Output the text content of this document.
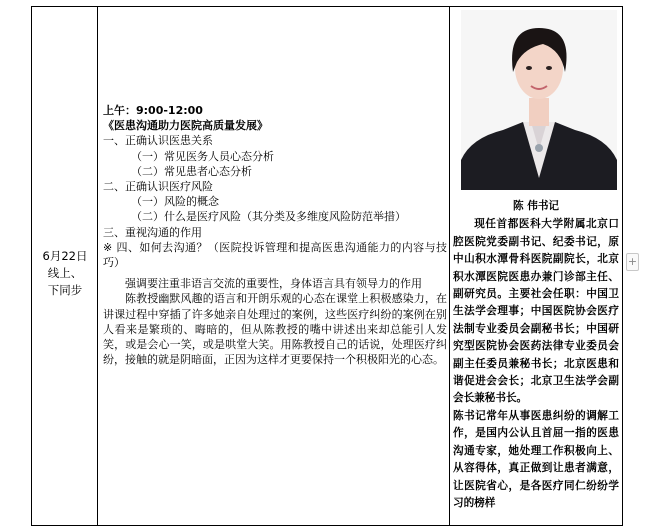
6月22日
线上、
下同步
上午：9:00-12:00
《医患沟通助力医院高质量发展》
一、正确认识医患关系
（一）常见医务人员心态分析
（二）常见患者心态分析
二、正确认识医疗风险
（一）风险的概念
（二）什么是医疗风险（其分类及多维度风险防范举措）
三、重视沟通的作用
※ 四、如何去沟通？（医院投诉管理和提高医患沟通能力的内容与技巧）
强调要注重非语言交流的重要性，身体语言具有领导力的作用
陈教授幽默风趣的语言和开朗乐观的心态在课堂上积极感染力，在讲课过程中穿插了许多她亲自处理过的案例，这些医疗纠纷的案例在别人看来是繁琐的、晦暗的，但从陈教授的嘴中讲述出来却总能引人发笑，或是会心一笑，或是哄堂大笑。用陈教授自己的话说，处理医疗纠纷，接触的就是阴暗面，正因为这样才更要保持一个积极阳光的心态。
陈 伟书记
现任首都医科大学附属北京口腔医院党委副书记、纪委书记，原中山积水潭骨科医院副院长，北京积水潭医院医患办兼门诊部主任、副研究员。主要社会任职：中国卫生法学会理事；中国医院协会医疗法制专业委员会副秘书长；中国研究型医院协会医药法律专业委员会副主任委员兼秘书长；北京医患和谐促进会会长；北京卫生法学会副会长兼秘书长。
陈书记常年从事医患纠纷的调解工作，是国内公认且首屈一指的医患沟通专家，她处理工作积极向上、从容得体，真正做到让患者满意，让医院省心，是各医疗同仁纷纷学习的榜样
+
